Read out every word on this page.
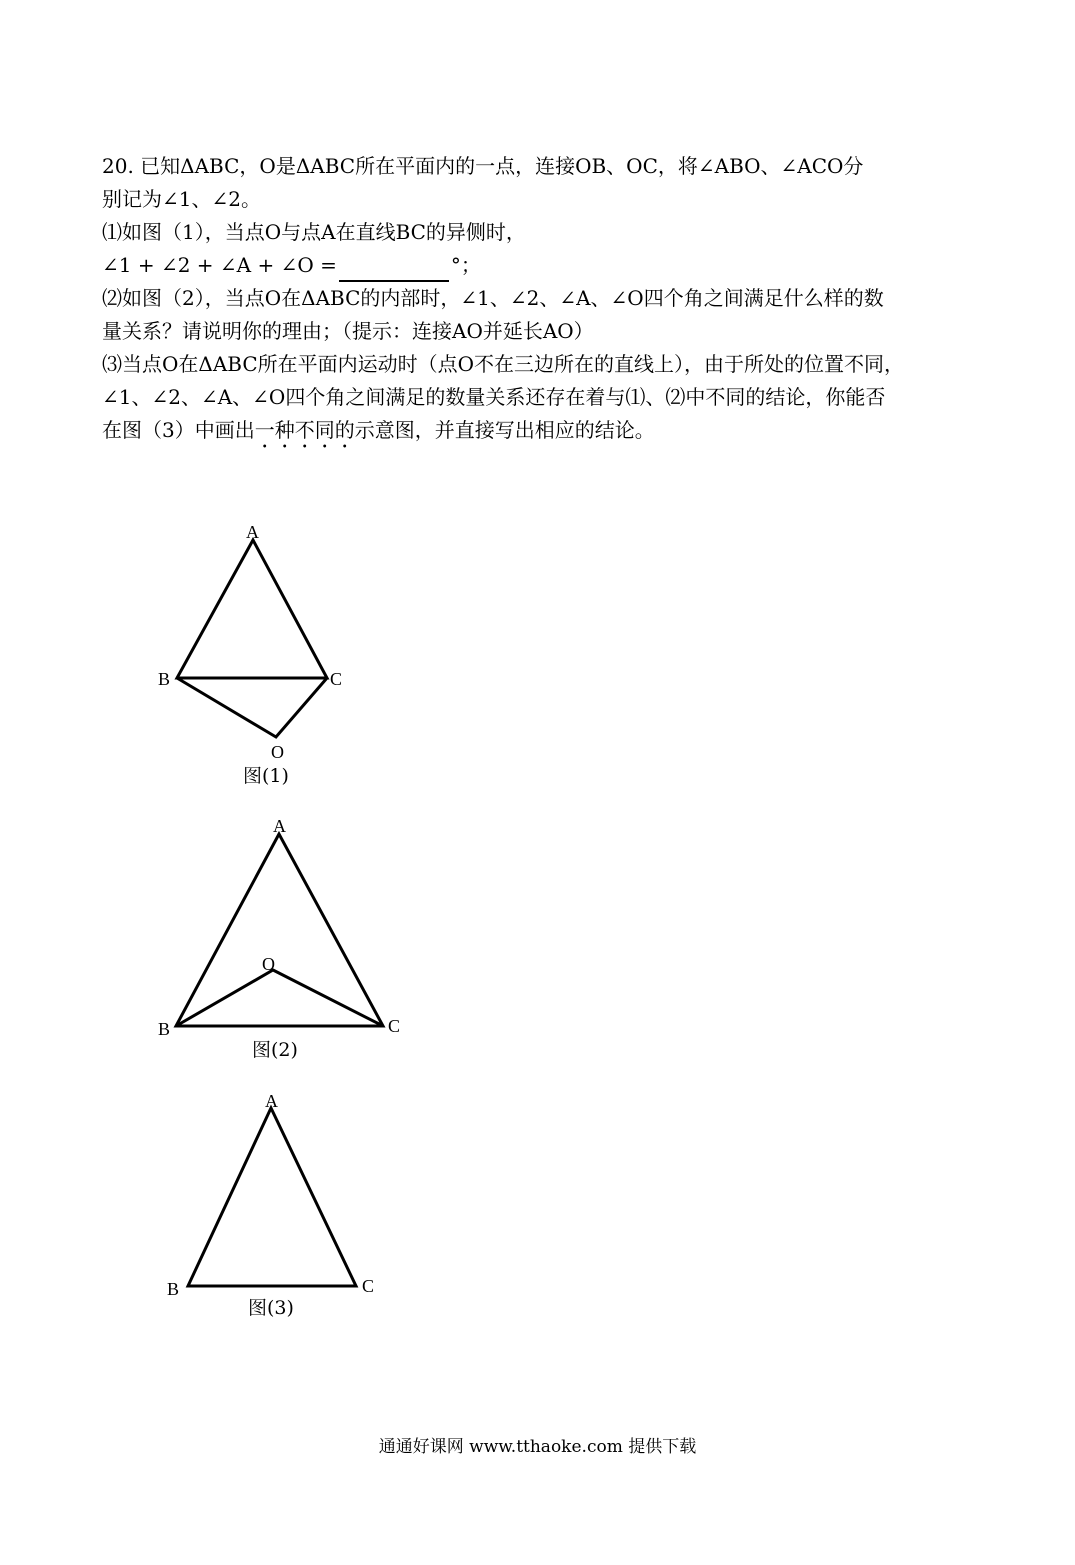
20. 已知ΔABC，O是ΔABC所在平面内的一点，连接OB、OC，将∠ABO、∠ACO分
别记为∠1、∠2。
⑴如图（1），当点O与点A在直线BC的异侧时，
∠1 + ∠2 + ∠A + ∠O =	°；
⑵如图（2），当点O在ΔABC的内部时，∠1、∠2、∠A、∠O四个角之间满足什么样的数
量关系？请说明你的理由；（提示：连接AO并延长AO）
⑶当点O在ΔABC所在平面内运动时（点O不在三边所在的直线上），由于所处的位置不同，
∠1、∠2、∠A、∠O四个角之间满足的数量关系还存在着与⑴、⑵中不同的结论，你能否
在图（3）中画出一种不同的示意图，并直接写出相应的结论。
A
B	C
O
图(1)
A
B	C
O
图(2)
A
B	C
图(3)
通通好课网 www.tthaoke.com 提供下载
